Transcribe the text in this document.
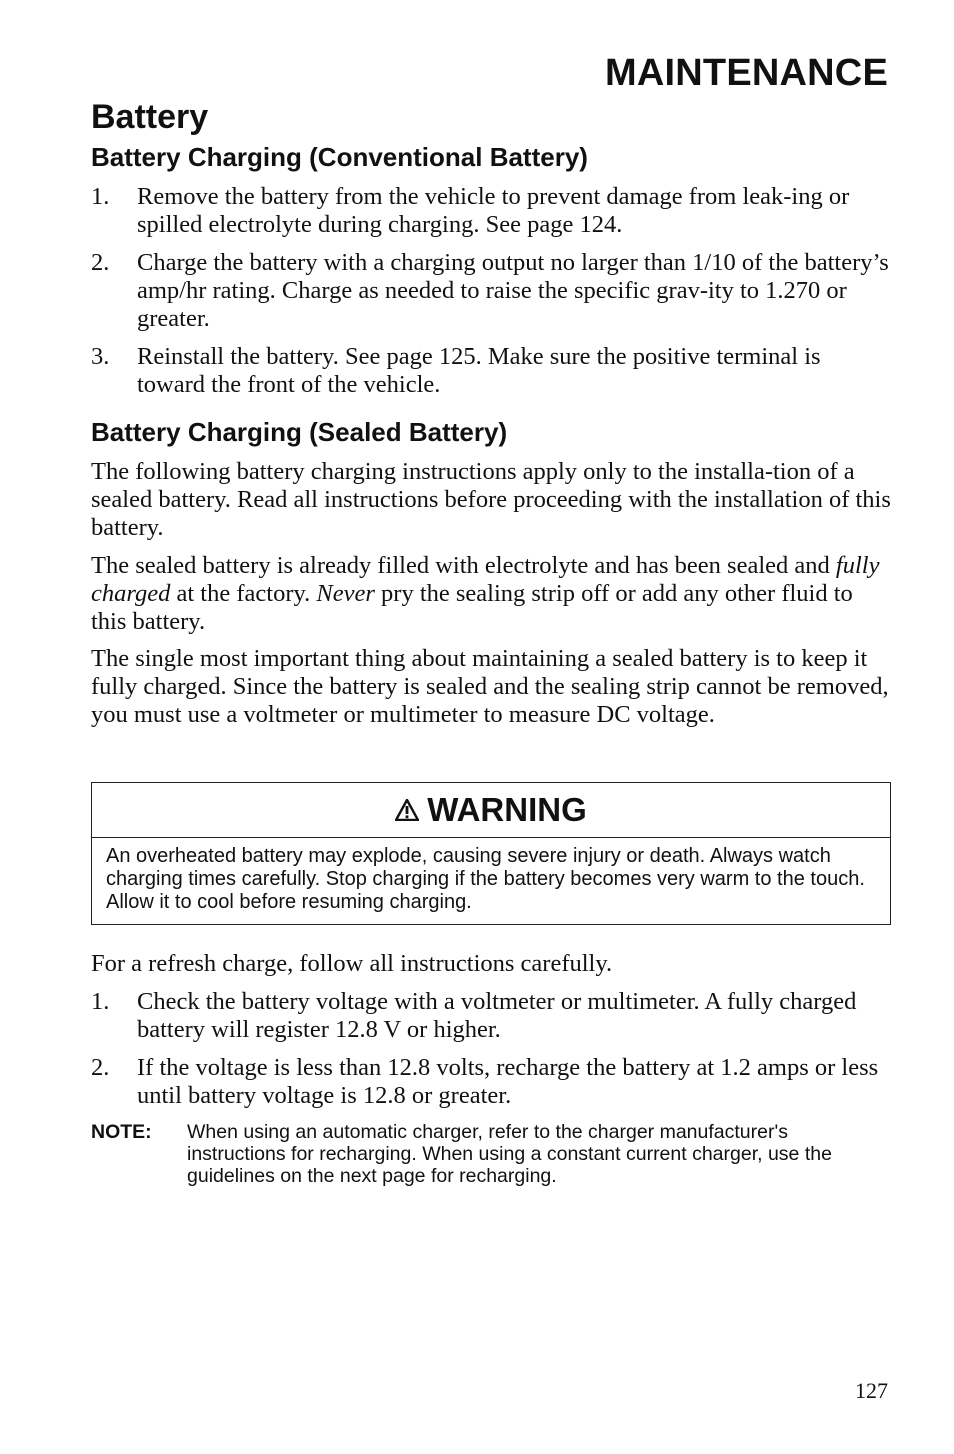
MAINTENANCE
Battery
Battery Charging (Conventional Battery)
1. Remove the battery from the vehicle to prevent damage from leak-ing or spilled electrolyte during charging. See page 124.
2. Charge the battery with a charging output no larger than 1/10 of the battery’s amp/hr rating. Charge as needed to raise the specific grav-ity to 1.270 or greater.
3. Reinstall the battery. See page 125. Make sure the positive terminal is toward the front of the vehicle.
Battery Charging (Sealed Battery)

The following battery charging instructions apply only to the installa-tion of a sealed battery. Read all instructions before proceeding with the installation of this battery.

The sealed battery is already filled with electrolyte and has been sealed and fully charged at the factory. Never pry the sealing strip off or add any other fluid to this battery.

The single most important thing about maintaining a sealed battery is to keep it fully charged. Since the battery is sealed and the sealing strip cannot be removed, you must use a voltmeter or multimeter to measure DC voltage.

WARNING
An overheated battery may explode, causing severe injury or death. Always watch charging times carefully. Stop charging if the battery becomes very warm to the touch. Allow it to cool before resuming charging.

For a refresh charge, follow all instructions carefully.

1. Check the battery voltage with a voltmeter or multimeter. A fully charged battery will register 12.8 V or higher.
2. If the voltage is less than 12.8 volts, recharge the battery at 1.2 amps or less until battery voltage is 12.8 or greater.
NOTE: When using an automatic charger, refer to the charger manufacturer's instructions for recharging. When using a constant current charger, use the guidelines on the next page for recharging.
127
